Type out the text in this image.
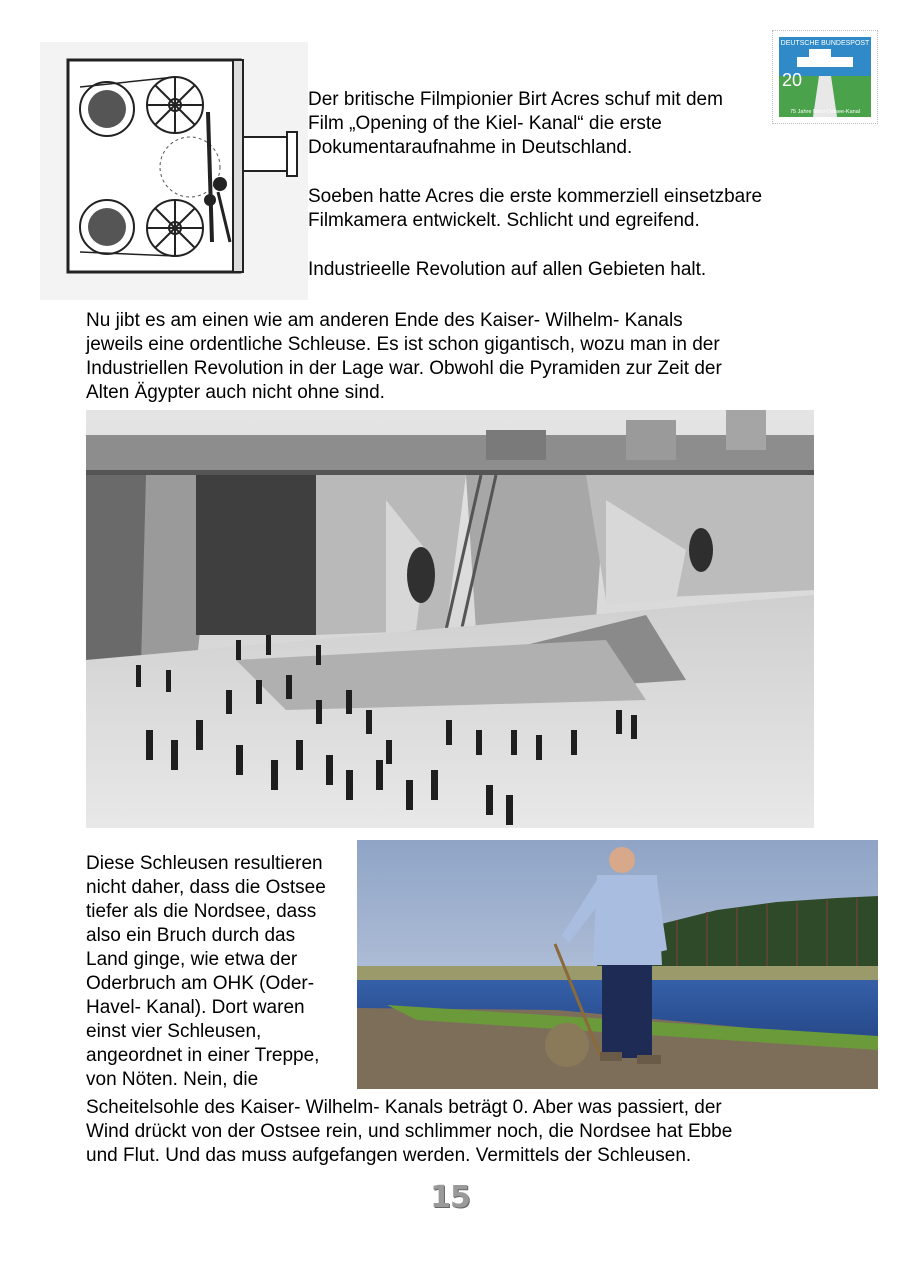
DEUTSCHE BUNDESPOST
20
75 Jahre Nord-Ostsee-Kanal
Der britische Filmpionier Birt Acres schuf mit dem
Film „Opening of the Kiel- Kanal“ die erste
Dokumentaraufnahme in Deutschland.
Soeben hatte Acres die erste kommerziell einsetzbare
Filmkamera entwickelt. Schlicht und egreifend.
Industrieelle Revolution auf allen Gebieten halt.
Nu jibt es am einen wie am anderen Ende des Kaiser- Wilhelm- Kanals
jeweils eine ordentliche Schleuse. Es ist schon gigantisch, wozu man in der
Industriellen Revolution in der Lage war. Obwohl die Pyramiden zur Zeit der
Alten Ägypter auch nicht ohne sind.
Diese Schleusen resultieren
nicht daher, dass die Ostsee
tiefer als die Nordsee, dass
also ein Bruch durch das
Land ginge, wie etwa der
Oderbruch am OHK (Oder-
Havel- Kanal). Dort waren
einst vier Schleusen,
angeordnet in einer Treppe,
von Nöten. Nein, die
Scheitelsohle des Kaiser- Wilhelm- Kanals beträgt 0. Aber was passiert, der
Wind drückt von der Ostsee rein, und schlimmer noch, die Nordsee hat Ebbe
und Flut. Und das muss aufgefangen werden. Vermittels der Schleusen.
15
